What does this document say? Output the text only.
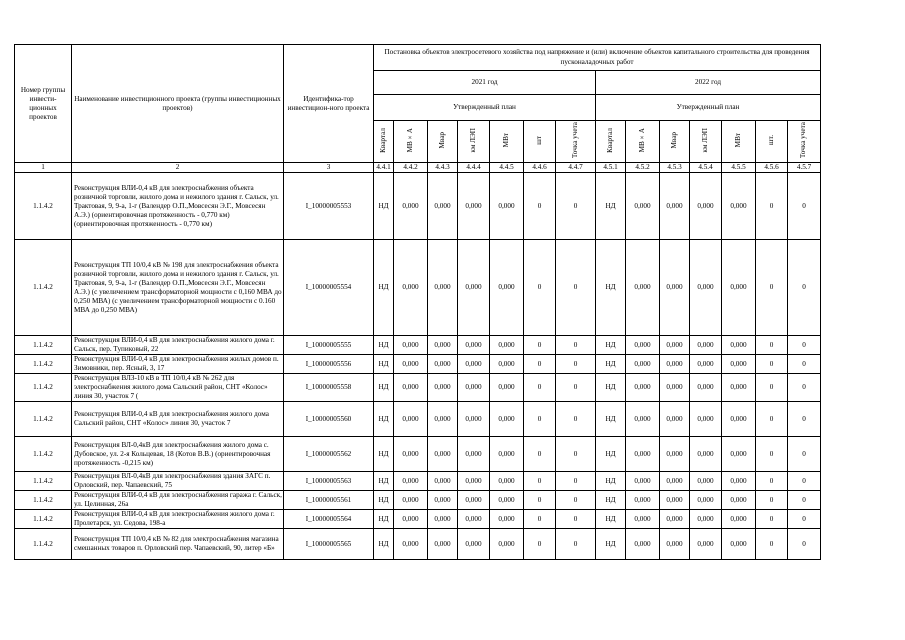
Номер группы инвести-ционных проектов	Наименование инвестиционного проекта (группы инвестиционных проектов)	Идентифика-тор инвестицион-ного проекта	Постановка объектов электросетевого хозяйства под напряжение и (или) включение объектов капитального строительства для проведения пусконаладочных работ													
			2021 год							2022 год						
			Утвержденный план							Утвержденный план						
			Квартал	МВ×А	Мвар	км ЛЭП	МВт	шт	Точка учета	Квартал	МВ×А	Мвар	км ЛЭП	МВт	шт.	Точка учета
1	2	3	4.4.1	4.4.2	4.4.3	4.4.4	4.4.5	4.4.6	4.4.7	4.5.1	4.5.2	4.5.3	4.5.4	4.5.5	4.5.6	4.5.7
1.1.4.2	Реконструкция ВЛИ-0,4 кВ для электроснабжения объекта розничной торговли, жилого дома и нежилого здания г. Сальск, ул. Трактовая, 9, 9-а, 1-г (Валендер О.П.,Мовсесян Э.Г., Мовсесян А.Э.) (ориентировочная протяженность - 0,770 км) (ориентировочная протяженность - 0,770 км)	I_10000005553	НД	0,000	0,000	0,000	0,000	0	0	НД	0,000	0,000	0,000	0,000	0	0
1.1.4.2	Реконструкция ТП 10/0,4 кВ № 198 для электроснабжения объекта розничной торговли, жилого дома и нежилого здания г. Сальск, ул. Трактовая, 9, 9-а, 1-г (Валендер О.П.,Мовсесян Э.Г., Мовсесян А.Э.) (с увеличением трансформаторной мощности с 0,160 МВА до 0,250 МВА) (с увеличением трансформаторной мощности с 0.160 МВА до 0,250 МВА)	I_10000005554	НД	0,000	0,000	0,000	0,000	0	0	НД	0,000	0,000	0,000	0,000	0	0
1.1.4.2	Реконструкция ВЛИ-0,4 кВ для электроснабжения жилого дома г. Сальск, пер. Тупиковый, 22	I_10000005555	НД	0,000	0,000	0,000	0,000	0	0	НД	0,000	0,000	0,000	0,000	0	0
1.1.4.2	Реконструкция ВЛИ-0,4 кВ для электроснабжения жилых домов п. Зимовники, пер. Ясный, 3, 17	I_10000005556	НД	0,000	0,000	0,000	0,000	0	0	НД	0,000	0,000	0,000	0,000	0	0
1.1.4.2	Реконструкция ВЛЗ-10 кВ в ТП 10/0,4 кВ № 262 для электроснабжения жилого дома Сальский район, СНТ «Колос» линия 30, участок 7 (	I_10000005558	НД	0,000	0,000	0,000	0,000	0	0	НД	0,000	0,000	0,000	0,000	0	0
1.1.4.2	Реконструкция ВЛИ-0,4 кВ для электроснабжения жилого дома Сальский район, СНТ «Колос» линия 30, участок 7	I_10000005560	НД	0,000	0,000	0,000	0,000	0	0	НД	0,000	0,000	0,000	0,000	0	0
1.1.4.2	Реконструкция ВЛ-0,4кВ для электроснабжения жилого дома с. Дубовское, ул. 2-я Кольцевая, 18 (Котов В.В.) (ориентировочная протяженность -0,215 км)	I_10000005562	НД	0,000	0,000	0,000	0,000	0	0	НД	0,000	0,000	0,000	0,000	0	0
1.1.4.2	Реконструкция ВЛ-0,4кВ для электроснабжения здания ЗАГС п. Орловский, пер. Чапаевский, 75	I_10000005563	НД	0,000	0,000	0,000	0,000	0	0	НД	0,000	0,000	0,000	0,000	0	0
1.1.4.2	Реконструкция ВЛИ-0,4 кВ для электроснабжения гаража г. Сальск, ул. Целинная, 26а	I_10000005561	НД	0,000	0,000	0,000	0,000	0	0	НД	0,000	0,000	0,000	0,000	0	0
1.1.4.2	Реконструкция ВЛИ-0,4 кВ для электроснабжения жилого дома г. Пролетарск, ул. Седова, 198-а	I_10000005564	НД	0,000	0,000	0,000	0,000	0	0	НД	0,000	0,000	0,000	0,000	0	0
1.1.4.2	Реконструкция ТП 10/0,4 кВ № 82 для электроснабжения магазина смешанных товаров п. Орловский пер. Чапаевский, 90, литер «Б»	I_10000005565	НД	0,000	0,000	0,000	0,000	0	0	НД	0,000	0,000	0,000	0,000	0	0
